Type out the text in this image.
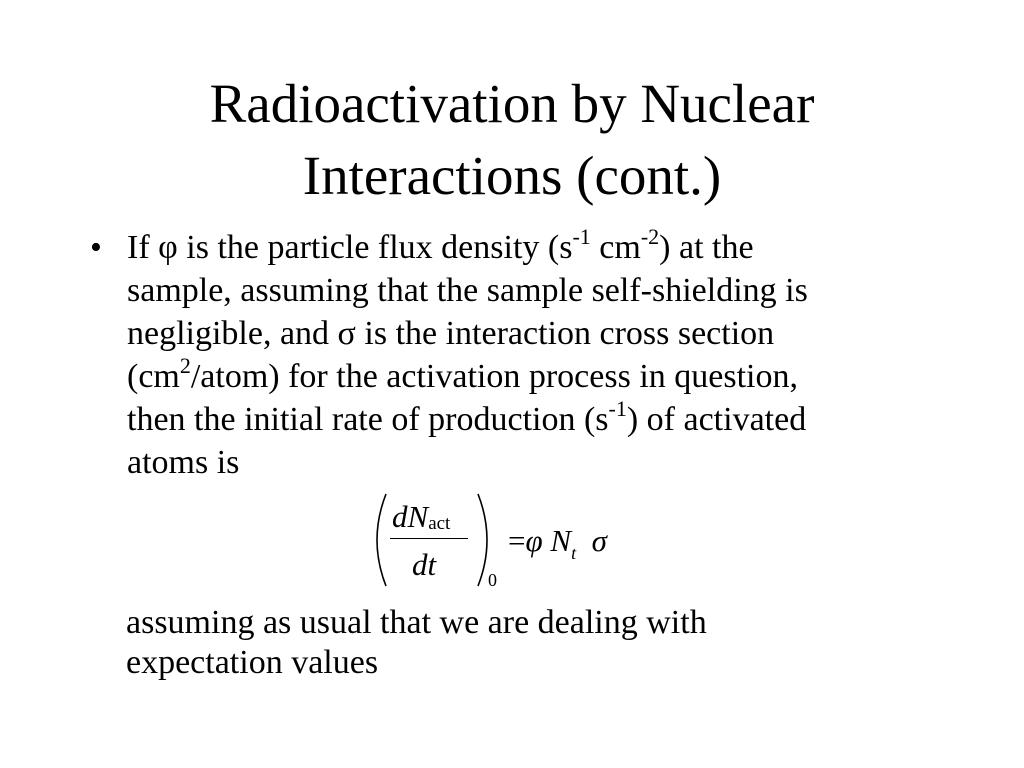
Radioactivation by Nuclear
Interactions (cont.)
• If φ is the particle flux density ($s^{-1}$ $cm^{-2}$) at the
sample, assuming that the sample self-shielding is
negligible, and σ is the interaction cross section
$(cm^2/atom)$ for the activation process in question,
then the initial rate of production $(s^{-1})$ of activated
atoms is
$dN_{act}$
dt	0
=φ $N_t$ σ
assuming as usual that we are dealing with
expectation values
